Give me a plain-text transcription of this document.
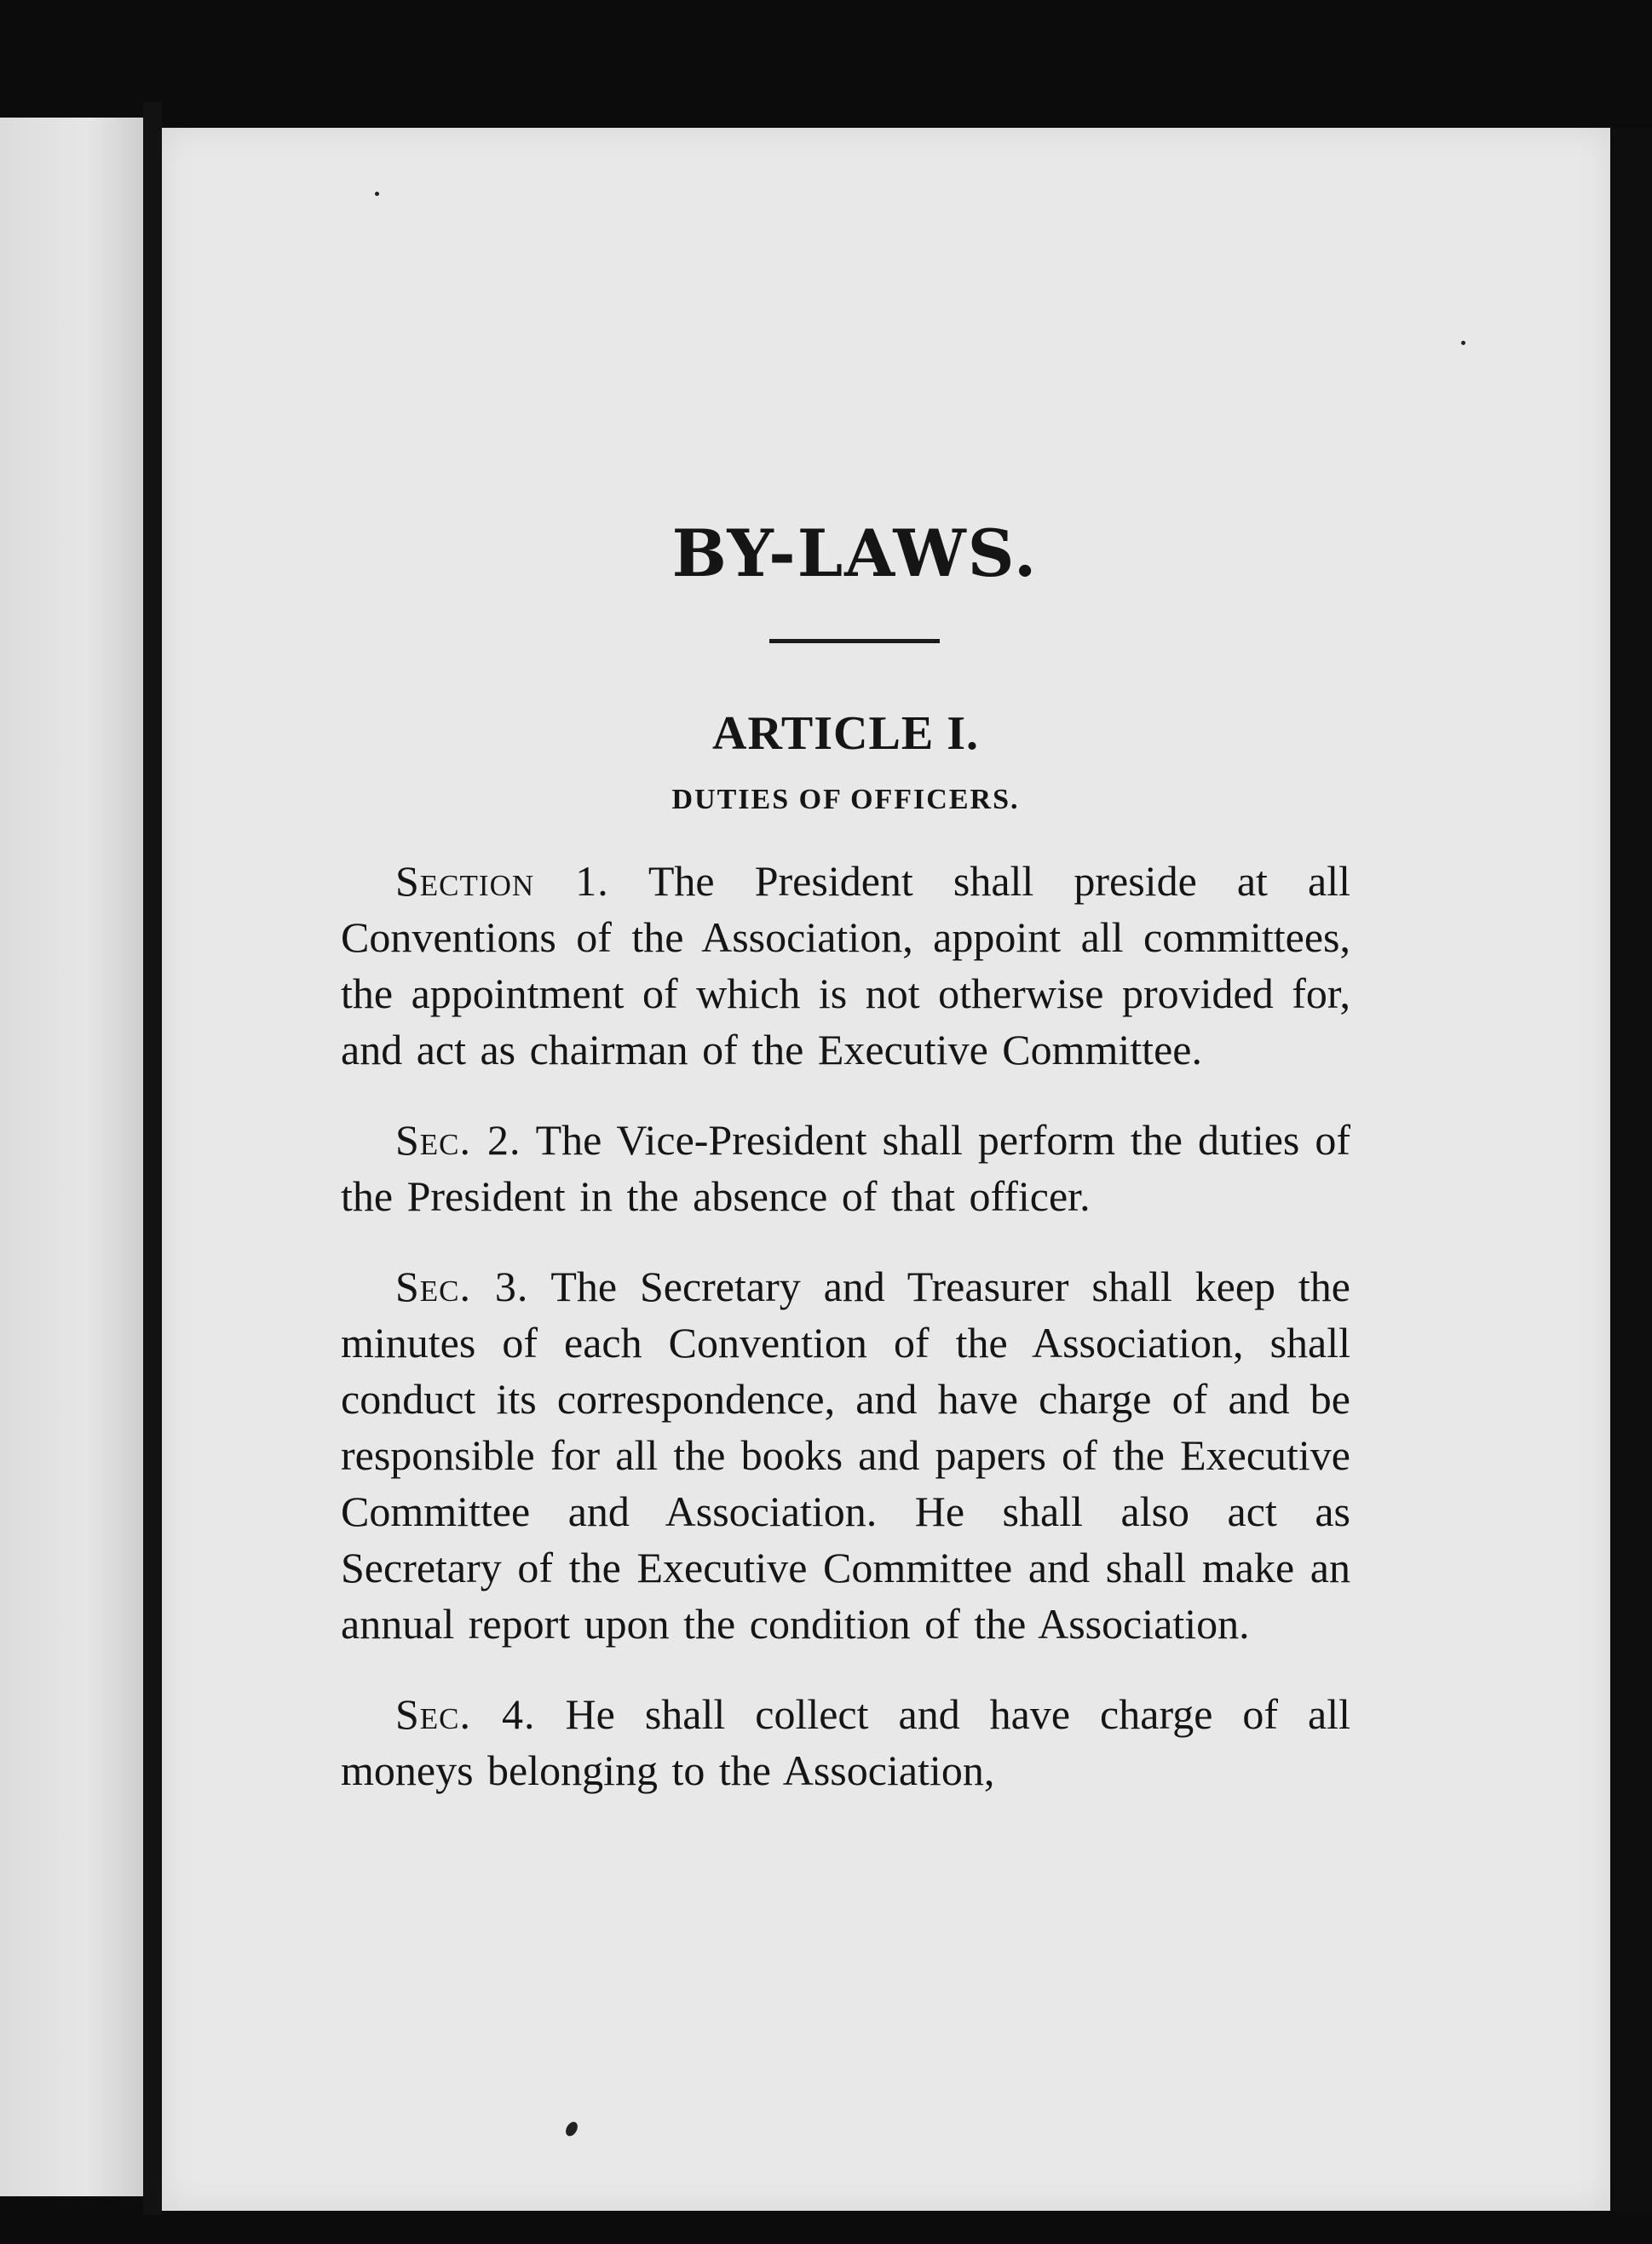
BY-LAWS.
ARTICLE I.
DUTIES OF OFFICERS.

Section 1. The President shall preside at all Conventions of the Association, appoint all committees, the appointment of which is not otherwise provided for, and act as chairman of the Executive Committee.

Sec. 2. The Vice-President shall perform the duties of the President in the absence of that officer.

Sec. 3. The Secretary and Treasurer shall keep the minutes of each Convention of the Association, shall conduct its correspondence, and have charge of and be responsible for all the books and papers of the Executive Committee and Association. He shall also act as Secretary of the Executive Committee and shall make an annual report upon the condition of the Association.

Sec. 4. He shall collect and have charge of all moneys belonging to the Association,
